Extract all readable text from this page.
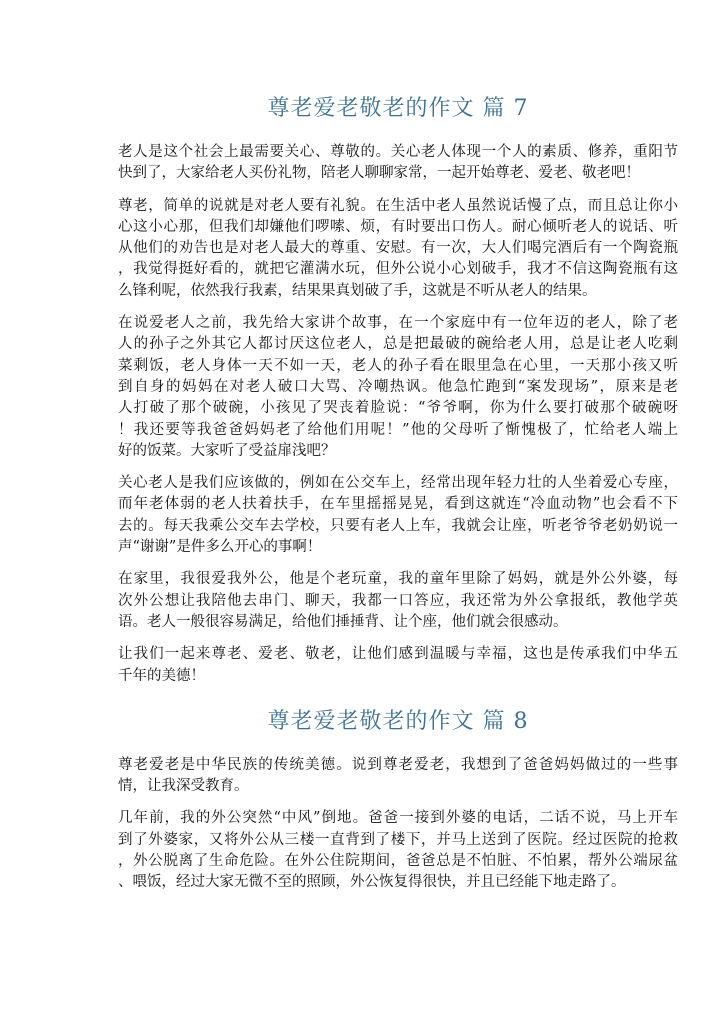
尊老爱老敬老的作文 篇 7
老人是这个社会上最需要关心、尊敬的。关心老人体现一个人的素质、修养，重阳节
快到了，大家给老人买份礼物，陪老人聊聊家常，一起开始尊老、爱老、敬老吧！
尊老，简单的说就是对老人要有礼貌。在生活中老人虽然说话慢了点，而且总让你小
心这小心那，但我们却嫌他们啰嗦、烦，有时要出口伤人。耐心倾听老人的说话、听
从他们的劝告也是对老人最大的尊重、安慰。有一次，大人们喝完酒后有一个陶瓷瓶
，我觉得挺好看的，就把它灌满水玩，但外公说小心划破手，我才不信这陶瓷瓶有这
么锋利呢，依然我行我素，结果果真划破了手，这就是不听从老人的结果。
在说爱老人之前，我先给大家讲个故事，在一个家庭中有一位年迈的老人，除了老
人的孙子之外其它人都讨厌这位老人，总是把最破的碗给老人用，总是让老人吃剩
菜剩饭，老人身体一天不如一天，老人的孙子看在眼里急在心里，一天那小孩又听
到自身的妈妈在对老人破口大骂、冷嘲热讽。他急忙跑到“案发现场”，原来是老
人打破了那个破碗，小孩见了哭丧着脸说：“爷爷啊，你为什么要打破那个破碗呀
！我还要等我爸爸妈妈老了给他们用呢！”他的父母听了惭愧极了，忙给老人端上
好的饭菜。大家听了受益扉浅吧？
关心老人是我们应该做的，例如在公交车上，经常出现年轻力壮的人坐着爱心专座，
而年老体弱的老人扶着扶手，在车里摇摇晃晃，看到这就连“冷血动物”也会看不下
去的。每天我乘公交车去学校，只要有老人上车，我就会让座，听老爷爷老奶奶说一
声“谢谢”是件多么开心的事啊！
在家里，我很爱我外公，他是个老玩童，我的童年里除了妈妈，就是外公外婆，每
次外公想让我陪他去串门、聊天，我都一口答应，我还常为外公拿报纸，教他学英
语。老人一般很容易满足，给他们捶捶背、让个座，他们就会很感动。
让我们一起来尊老、爱老、敬老，让他们感到温暖与幸福，这也是传承我们中华五
千年的美德！
尊老爱老敬老的作文 篇 8
尊老爱老是中华民族的传统美德。说到尊老爱老，我想到了爸爸妈妈做过的一些事
情，让我深受教育。
几年前，我的外公突然“中风”倒地。爸爸一接到外婆的电话，二话不说，马上开车
到了外婆家，又将外公从三楼一直背到了楼下，并马上送到了医院。经过医院的抢救
，外公脱离了生命危险。在外公住院期间，爸爸总是不怕脏、不怕累，帮外公端尿盆
、喂饭，经过大家无微不至的照顾，外公恢复得很快，并且已经能下地走路了。
